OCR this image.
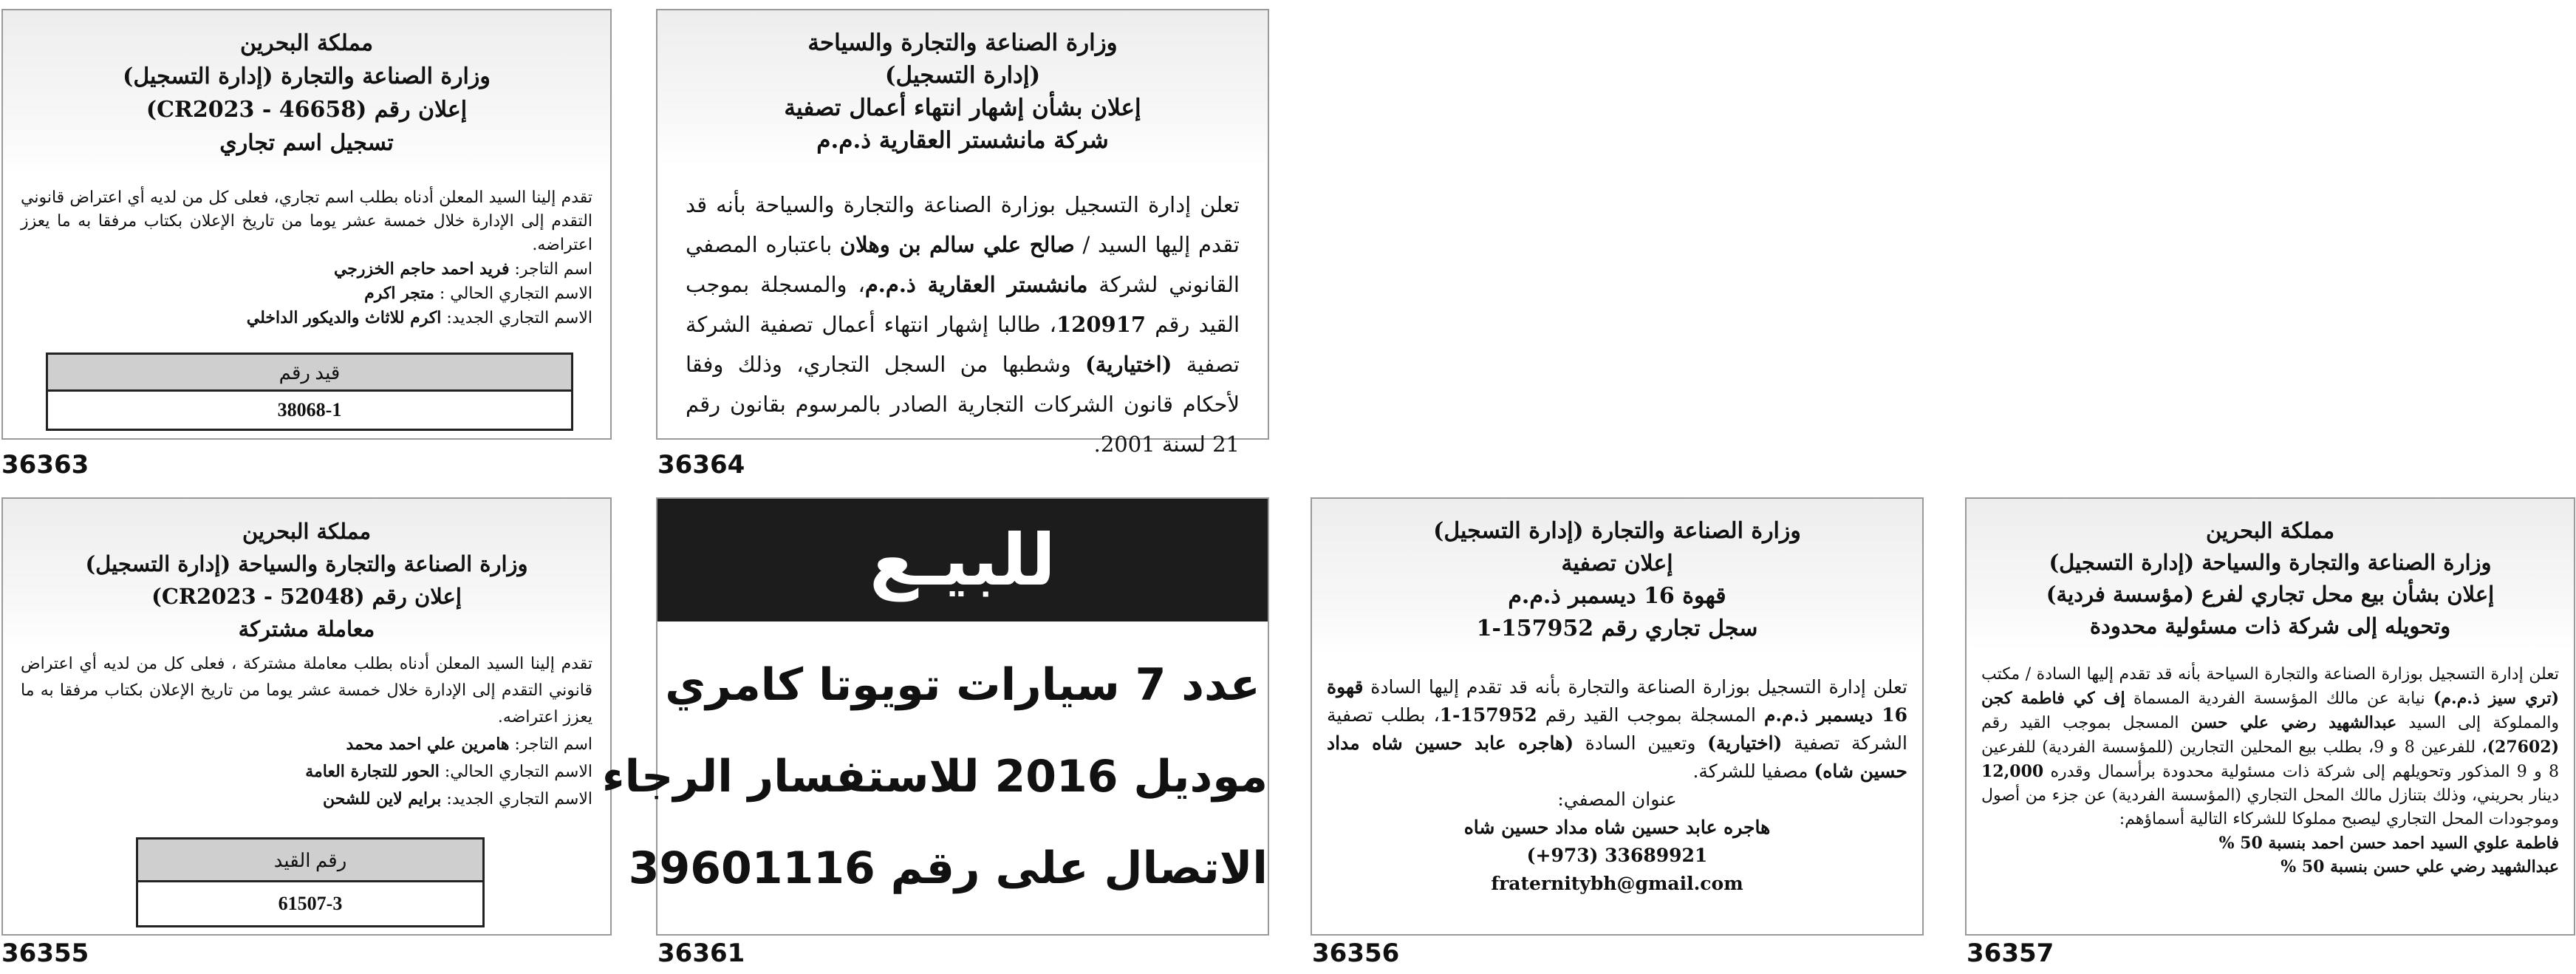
مملكة البحرين
وزارة الصناعة والتجارة (إدارة التسجيل)
إعلان رقم (46658 - CR2023)
تسجيل اسم تجاري

تقدم إلينا السيد المعلن أدناه بطلب اسم تجاري، فعلى كل من لديه أي اعتراض قانوني التقدم إلى الإدارة خلال خمسة عشر يوما من تاريخ الإعلان بكتاب مرفقا به ما يعزز اعتراضه.

اسم التاجر: فريد احمد حاجم الخزرجي
الاسم التجاري الحالي : متجر اكرم
الاسم التجاري الجديد: اكرم للاثاث والديكور الداخلي
قيد رقم
38068-1
36363
وزارة الصناعة والتجارة والسياحة
(إدارة التسجيل)
إعلان بشأن إشهار انتهاء أعمال تصفية
شركة مانشستر العقارية ذ.م.م

تعلن إدارة التسجيل بوزارة الصناعة والتجارة والسياحة بأنه قد تقدم إليها السيد / صالح علي سالم بن وهلان باعتباره المصفي القانوني لشركة مانشستر العقارية ذ.م.م، والمسجلة بموجب القيد رقم 120917، طالبا إشهار انتهاء أعمال تصفية الشركة تصفية (اختيارية) وشطبها من السجل التجاري، وذلك وفقا لأحكام قانون الشركات التجارية الصادر بالمرسوم بقانون رقم 21 لسنة 2001.

36364
مملكة البحرين
وزارة الصناعة والتجارة والسياحة (إدارة التسجيل)
إعلان رقم (52048 - CR2023)
معاملة مشتركة

تقدم إلينا السيد المعلن أدناه بطلب معاملة مشتركة ، فعلى كل من لديه أي اعتراض قانوني التقدم إلى الإدارة خلال خمسة عشر يوما من تاريخ الإعلان بكتاب مرفقا به ما يعزز اعتراضه.

اسم التاجر: هامرين علي احمد محمد
الاسم التجاري الحالي: الحور للتجارة العامة
الاسم التجاري الجديد: برايم لاين للشحن
رقم القيد
61507-3
36355
للبيـع
عدد 7 سيارات تويوتا كامري
موديل 2016 للاستفسار الرجاء
الاتصال على رقم 39601116
36361
وزارة الصناعة والتجارة (إدارة التسجيل)
إعلان تصفية
قهوة 16 ديسمبر ذ.م.م
سجل تجاري رقم 157952-1

تعلن إدارة التسجيل بوزارة الصناعة والتجارة بأنه قد تقدم إليها السادة قهوة 16 ديسمبر ذ.م.م المسجلة بموجب القيد رقم 157952-1، بطلب تصفية الشركة تصفية (اختيارية) وتعيين السادة (هاجره عابد حسين شاه مداد حسين شاه) مصفيا للشركة.

عنوان المصفي:
هاجره عابد حسين شاه مداد حسين شاه
(+973) 33689921
fraternitybh@gmail.com
36356
مملكة البحرين
وزارة الصناعة والتجارة والسياحة (إدارة التسجيل)
إعلان بشأن بيع محل تجاري لفرع (مؤسسة فردية)
وتحويله إلى شركة ذات مسئولية محدودة

تعلن إدارة التسجيل بوزارة الصناعة والتجارة السياحة بأنه قد تقدم إليها السادة / مكتب (تري سيز ذ.م.م) نيابة عن مالك المؤسسة الفردية المسماة إف كي فاطمة كجن والمملوكة إلى السيد عبدالشهيد رضي علي حسن المسجل بموجب القيد رقم (27602)، للفرعين 8 و 9، بطلب بيع المحلين التجارين (للمؤسسة الفردية) للفرعين 8 و 9 المذكور وتحويلهم إلى شركة ذات مسئولية محدودة برأسمال وقدره 12,000 دينار بحريني، وذلك بتنازل مالك المحل التجاري (المؤسسة الفردية) عن جزء من أصول وموجودات المحل التجاري ليصبح مملوكا للشركاء التالية أسماؤهم:

فاطمة علوي السيد احمد حسن احمد بنسبة 50 %
عبدالشهيد رضي علي حسن بنسبة 50 %
36357
